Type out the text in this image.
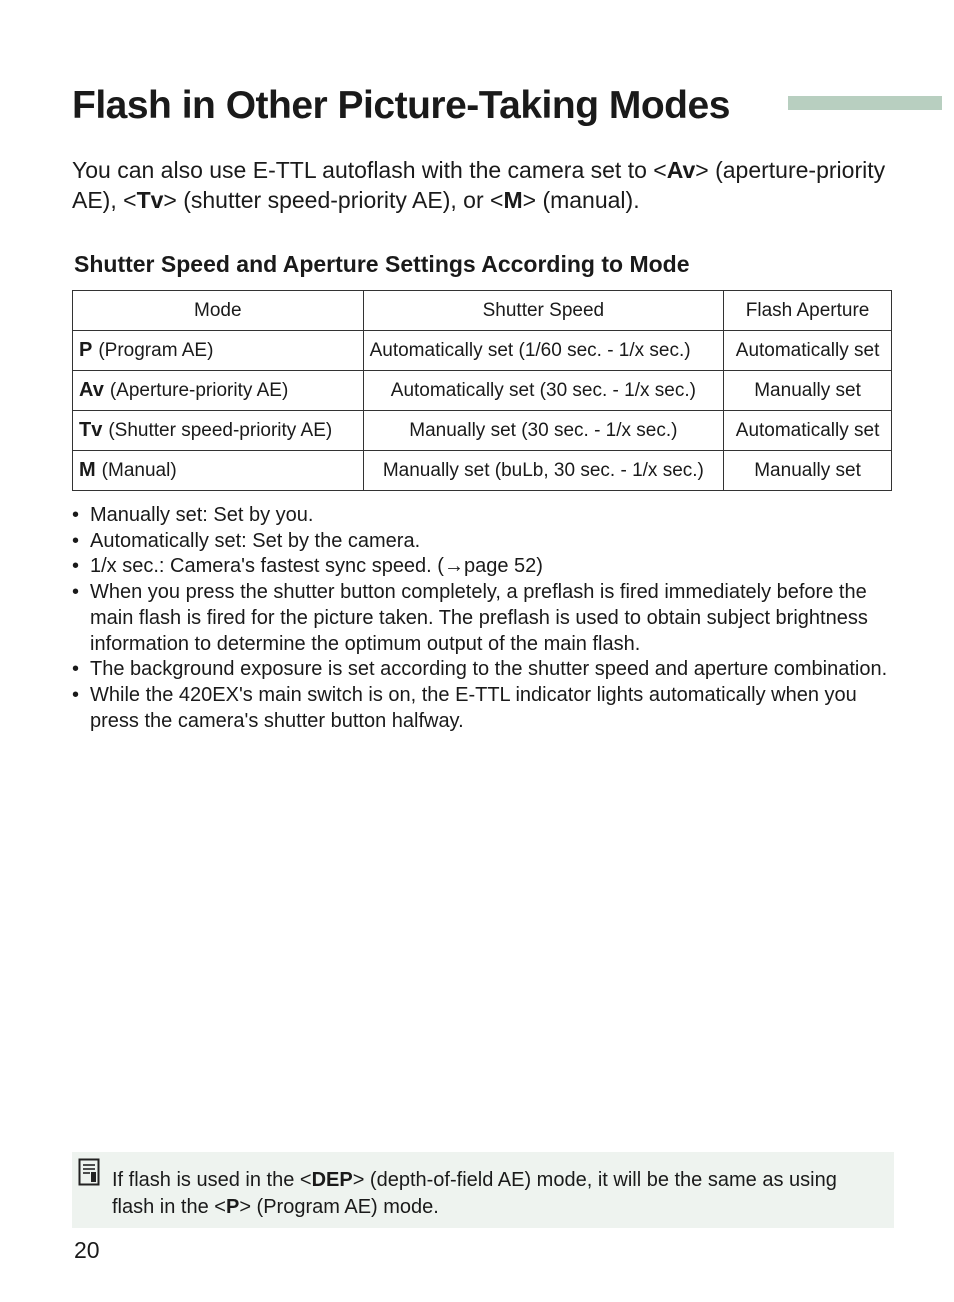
Flash in Other Picture-Taking Modes

You can also use E-TTL autoflash with the camera set to <Av> (aperture-priority AE), <Tv> (shutter speed-priority AE), or <M> (manual).

Shutter Speed and Aperture Settings According to Mode
Mode	Shutter Speed	Flash Aperture
P (Program AE)	Automatically set (1/60 sec. - 1/x sec.)	Automatically set
Av (Aperture-priority AE)	Automatically set (30 sec. - 1/x sec.)	Manually set
Tv (Shutter speed-priority AE)	Manually set (30 sec. - 1/x sec.)	Automatically set
M (Manual)	Manually set (buLb, 30 sec. - 1/x sec.)	Manually set
• Manually set: Set by you.
• Automatically set: Set by the camera.
• 1/x sec.: Camera's fastest sync speed. (→page 52)
• When you press the shutter button completely, a preflash is fired immediately before the main flash is fired for the picture taken. The preflash is used to obtain subject brightness information to determine the optimum output of the main flash.
• The background exposure is set according to the shutter speed and aperture combination.
• While the 420EX's main switch is on, the E-TTL indicator lights automatically when you press the camera's shutter button halfway.

If flash is used in the <DEP> (depth-of-field AE) mode, it will be the same as using flash in the <P> (Program AE) mode.

20
